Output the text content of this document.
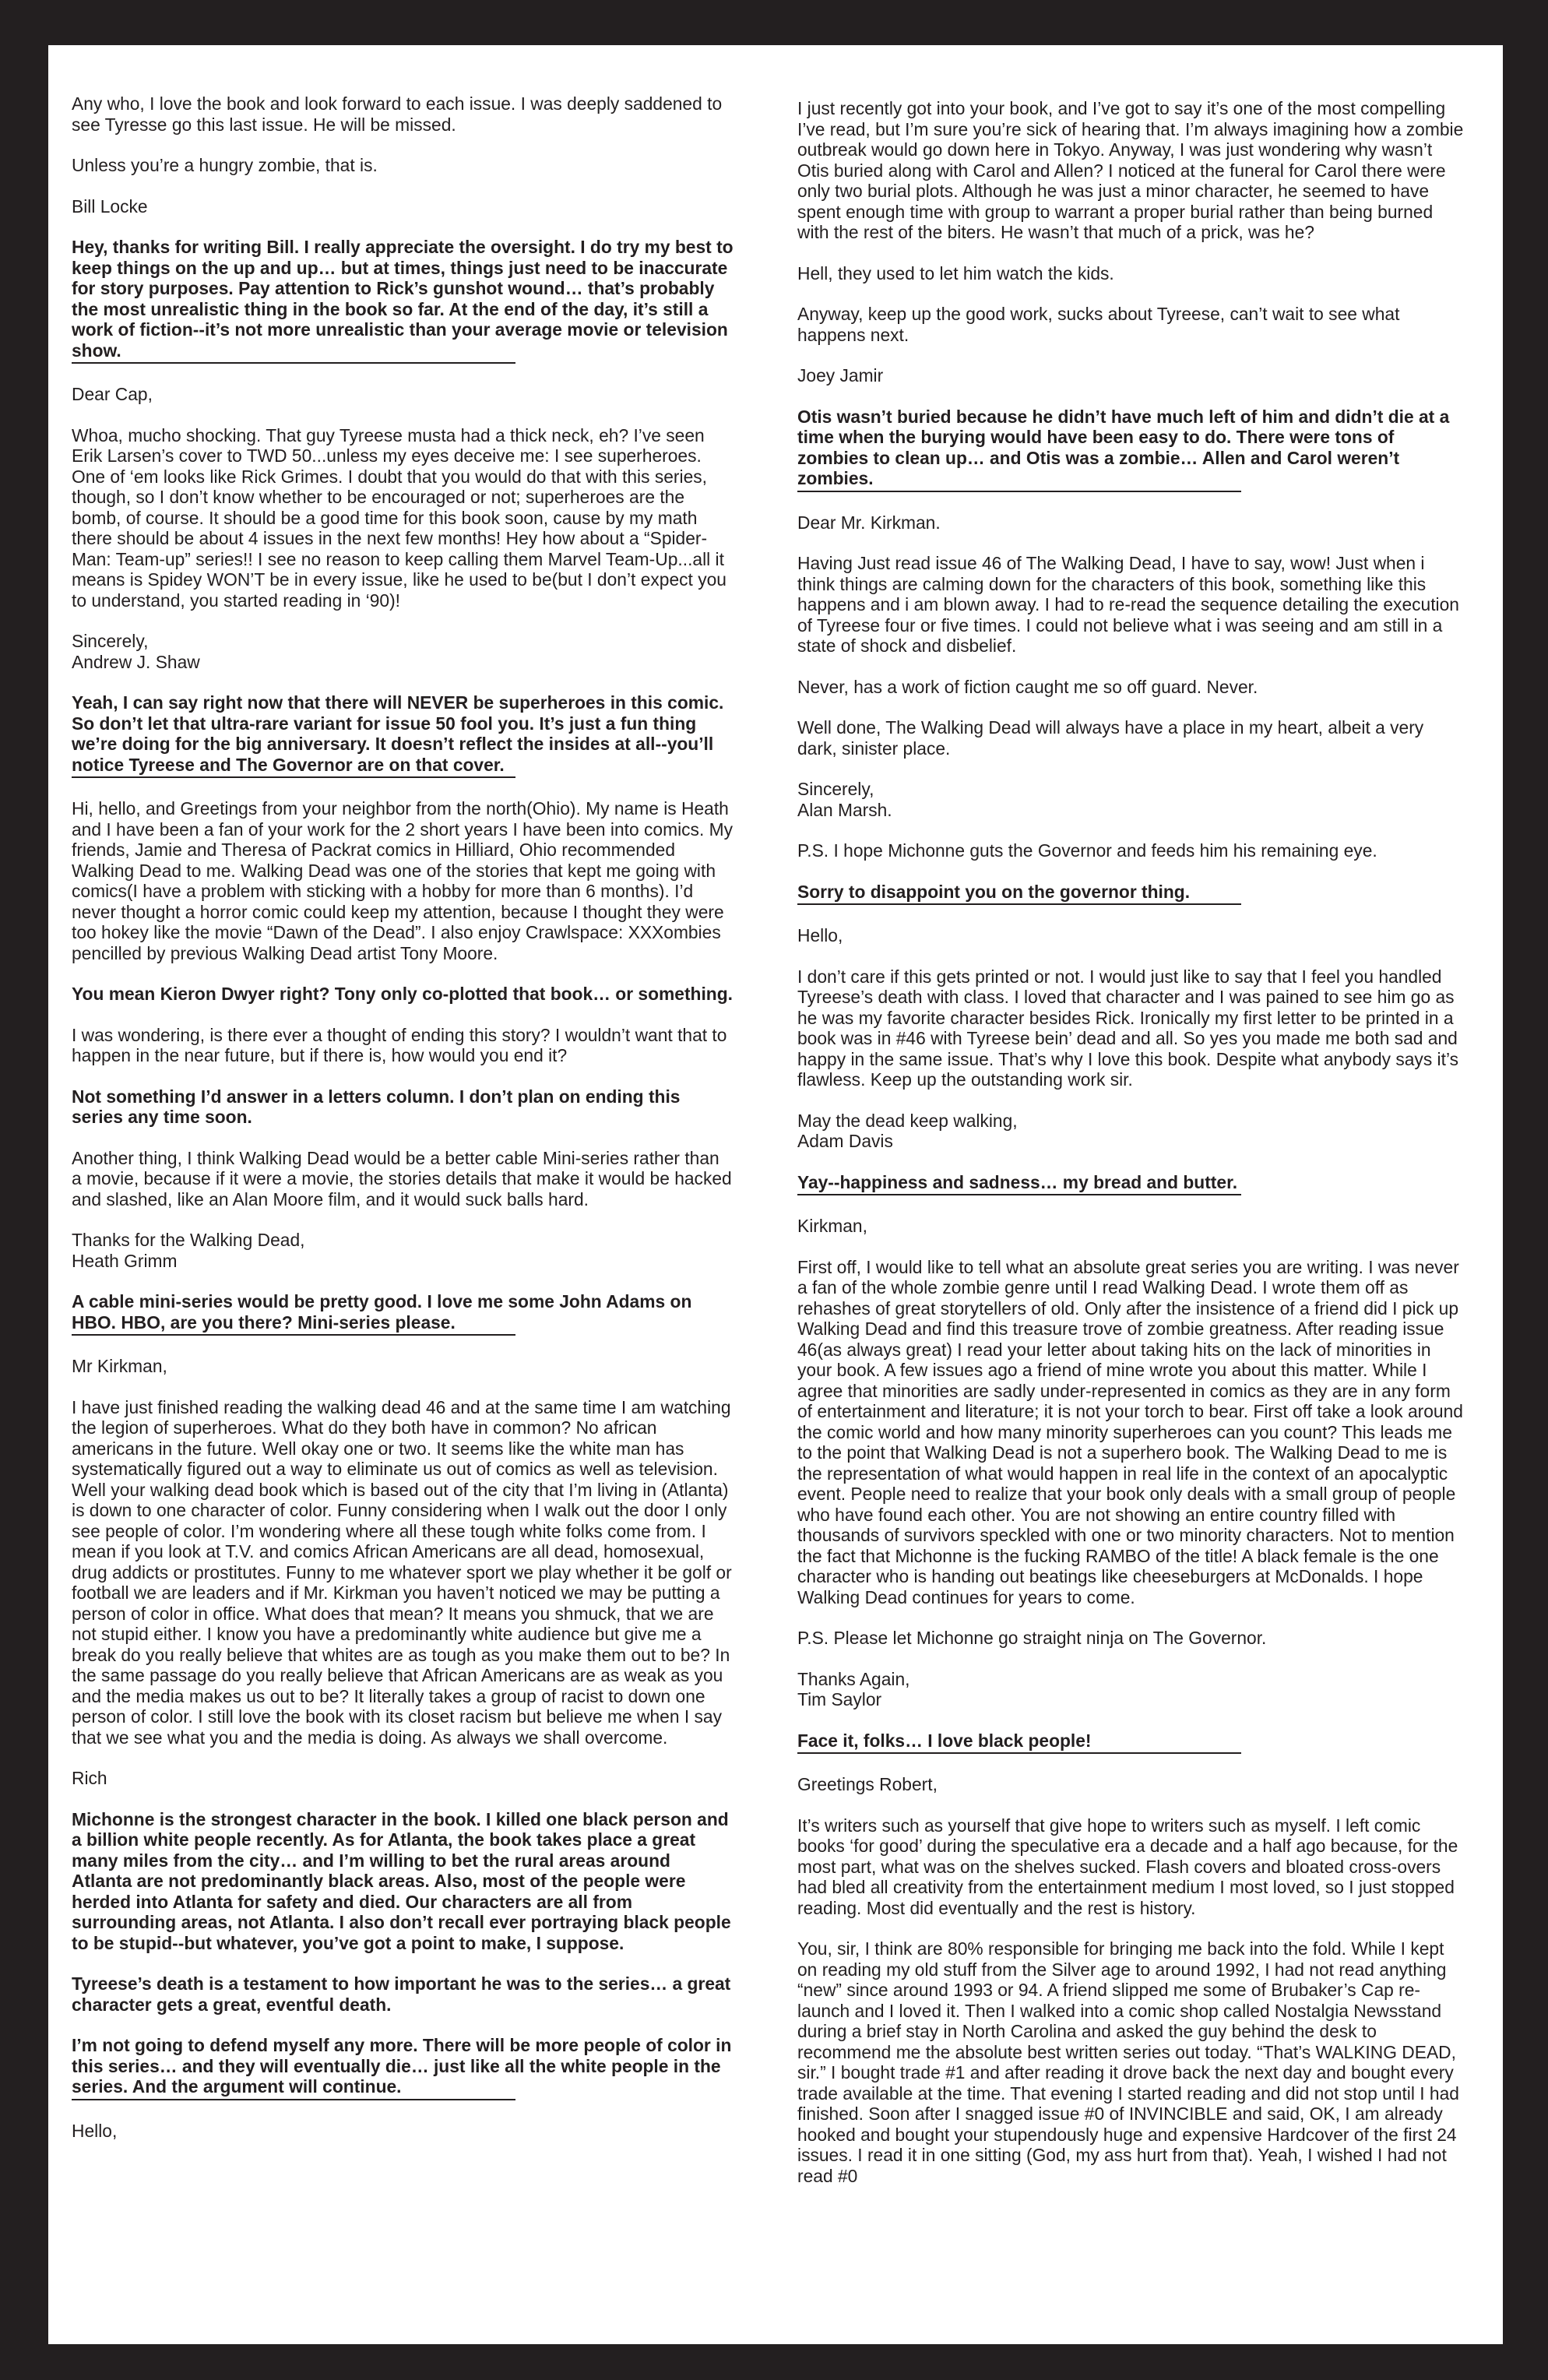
Any who, I love the book and look forward to each issue. I was deeply saddened to see Tyresse go this last issue. He will be missed.

Unless you’re a hungry zombie, that is.

Bill Locke

Hey, thanks for writing Bill. I really appreciate the oversight. I do try my best to keep things on the up and up… but at times, things just need to be inaccurate for story purposes. Pay attention to Rick’s gunshot wound… that’s probably the most unrealistic thing in the book so far. At the end of the day, it’s still a work of fiction--it’s not more unrealistic than your average movie or television show.

Dear Cap,

Whoa, mucho shocking. That guy Tyreese musta had a thick neck, eh? I’ve seen Erik Larsen’s cover to TWD 50...unless my eyes deceive me: I see superheroes. One of ‘em looks like Rick Grimes. I doubt that you would do that with this series, though, so I don’t know whether to be encouraged or not; superheroes are the bomb, of course. It should be a good time for this book soon, cause by my math there should be about 4 issues in the next few months! Hey how about a “Spider-Man: Team-up” series!! I see no reason to keep calling them Marvel Team-Up...all it means is Spidey WON’T be in every issue, like he used to be(but I don’t expect you to understand, you started reading in ‘90)!

Sincerely,
Andrew J. Shaw

Yeah, I can say right now that there will NEVER be superheroes in this comic. So don’t let that ultra-rare variant for issue 50 fool you. It’s just a fun thing we’re doing for the big anniversary. It doesn’t reflect the insides at all--you’ll notice Tyreese and The Governor are on that cover.

Hi, hello, and Greetings from your neighbor from the north(Ohio). My name is Heath and I have been a fan of your work for the 2 short years I have been into comics. My friends, Jamie and Theresa of Packrat comics in Hilliard, Ohio recommended Walking Dead to me. Walking Dead was one of the stories that kept me going with comics(I have a problem with sticking with a hobby for more than 6 months). I’d never thought a horror comic could keep my attention, because I thought they were too hokey like the movie “Dawn of the Dead”. I also enjoy Crawlspace: XXXombies pencilled by previous Walking Dead artist Tony Moore.

You mean Kieron Dwyer right? Tony only co-plotted that book… or something.

I was wondering, is there ever a thought of ending this story? I wouldn’t want that to happen in the near future, but if there is, how would you end it?

Not something I’d answer in a letters column. I don’t plan on ending this series any time soon.

Another thing, I think Walking Dead would be a better cable Mini-series rather than a movie, because if it were a movie, the stories details that make it would be hacked and slashed, like an Alan Moore film, and it would suck balls hard.

Thanks for the Walking Dead,
Heath Grimm

A cable mini-series would be pretty good. I love me some John Adams on HBO. HBO, are you there? Mini-series please.

Mr Kirkman,

I have just finished reading the walking dead 46 and at the same time I am watching the legion of superheroes. What do they both have in common? No african americans in the future. Well okay one or two. It seems like the white man has systematically figured out a way to eliminate us out of comics as well as television. Well your walking dead book which is based out of the city that I’m living in (Atlanta) is down to one character of color. Funny considering when I walk out the door I only see people of color. I’m wondering where all these tough white folks come from. I mean if you look at T.V. and comics African Americans are all dead, homosexual, drug addicts or prostitutes. Funny to me whatever sport we play whether it be golf or football we are leaders and if Mr. Kirkman you haven’t noticed we may be putting a person of color in office. What does that mean? It means you shmuck, that we are not stupid either. I know you have a predominantly white audience but give me a break do you really believe that whites are as tough as you make them out to be? In the same passage do you really believe that African Americans are as weak as you and the media makes us out to be? It literally takes a group of racist to down one person of color. I still love the book with its closet racism but believe me when I say that we see what you and the media is doing. As always we shall overcome.

Rich

Michonne is the strongest character in the book. I killed one black person and a billion white people recently. As for Atlanta, the book takes place a great many miles from the city… and I’m willing to bet the rural areas around Atlanta are not predominantly black areas. Also, most of the people were herded into Atlanta for safety and died. Our characters are all from surrounding areas, not Atlanta. I also don’t recall ever portraying black people to be stupid--but whatever, you’ve got a point to make, I suppose.

Tyreese’s death is a testament to how important he was to the series… a great character gets a great, eventful death.

I’m not going to defend myself any more. There will be more people of color in this series… and they will eventually die… just like all the white people in the series. And the argument will continue.

Hello,

I just recently got into your book, and I’ve got to say it’s one of the most compelling I’ve read, but I’m sure you’re sick of hearing that. I’m always imagining how a zombie outbreak would go down here in Tokyo. Anyway, I was just wondering why wasn’t Otis buried along with Carol and Allen? I noticed at the funeral for Carol there were only two burial plots. Although he was just a minor character, he seemed to have spent enough time with group to warrant a proper burial rather than being burned with the rest of the biters. He wasn’t that much of a prick, was he?

Hell, they used to let him watch the kids.

Anyway, keep up the good work, sucks about Tyreese, can’t wait to see what happens next.

Joey Jamir

Otis wasn’t buried because he didn’t have much left of him and didn’t die at a time when the burying would have been easy to do. There were tons of zombies to clean up… and Otis was a zombie… Allen and Carol weren’t zombies.

Dear Mr. Kirkman.

Having Just read issue 46 of The Walking Dead, I have to say, wow! Just when i think things are calming down for the characters of this book, something like this happens and i am blown away. I had to re-read the sequence detailing the execution of Tyreese four or five times. I could not believe what i was seeing and am still in a state of shock and disbelief.

Never, has a work of fiction caught me so off guard. Never.

Well done, The Walking Dead will always have a place in my heart, albeit a very dark, sinister place.

Sincerely,
Alan Marsh.

P.S. I hope Michonne guts the Governor and feeds him his remaining eye.

Sorry to disappoint you on the governor thing.

Hello,

I don’t care if this gets printed or not. I would just like to say that I feel you handled Tyreese’s death with class. I loved that character and I was pained to see him go as he was my favorite character besides Rick. Ironically my first letter to be printed in a book was in #46 with Tyreese bein’ dead and all. So yes you made me both sad and happy in the same issue. That’s why I love this book. Despite what anybody says it’s flawless. Keep up the outstanding work sir.

May the dead keep walking,
Adam Davis

Yay--happiness and sadness… my bread and butter.

Kirkman,

First off, I would like to tell what an absolute great series you are writing. I was never a fan of the whole zombie genre until I read Walking Dead. I wrote them off as rehashes of great storytellers of old. Only after the insistence of a friend did I pick up Walking Dead and find this treasure trove of zombie greatness. After reading issue 46(as always great) I read your letter about taking hits on the lack of minorities in your book. A few issues ago a friend of mine wrote you about this matter. While I agree that minorities are sadly under-represented in comics as they are in any form of entertainment and literature; it is not your torch to bear. First off take a look around the comic world and how many minority superheroes can you count? This leads me to the point that Walking Dead is not a superhero book. The Walking Dead to me is the representation of what would happen in real life in the context of an apocalyptic event. People need to realize that your book only deals with a small group of people who have found each other. You are not showing an entire country filled with thousands of survivors speckled with one or two minority characters. Not to mention the fact that Michonne is the fucking RAMBO of the title! A black female is the one character who is handing out beatings like cheeseburgers at McDonalds. I hope Walking Dead continues for years to come.

P.S. Please let Michonne go straight ninja on The Governor.

Thanks Again,
Tim Saylor

Face it, folks… I love black people!

Greetings Robert,

It’s writers such as yourself that give hope to writers such as myself. I left comic books ‘for good’ during the speculative era a decade and a half ago because, for the most part, what was on the shelves sucked. Flash covers and bloated cross-overs had bled all creativity from the entertainment medium I most loved, so I just stopped reading. Most did eventually and the rest is history.

You, sir, I think are 80% responsible for bringing me back into the fold. While I kept on reading my old stuff from the Silver age to around 1992, I had not read anything “new” since around 1993 or 94. A friend slipped me some of Brubaker’s Cap re-launch and I loved it. Then I walked into a comic shop called Nostalgia Newsstand during a brief stay in North Carolina and asked the guy behind the desk to recommend me the absolute best written series out today. “That’s WALKING DEAD, sir.” I bought trade #1 and after reading it drove back the next day and bought every trade available at the time. That evening I started reading and did not stop until I had finished. Soon after I snagged issue #0 of INVINCIBLE and said, OK, I am already hooked and bought your stupendously huge and expensive Hardcover of the first 24 issues. I read it in one sitting (God, my ass hurt from that). Yeah, I wished I had not read #0
